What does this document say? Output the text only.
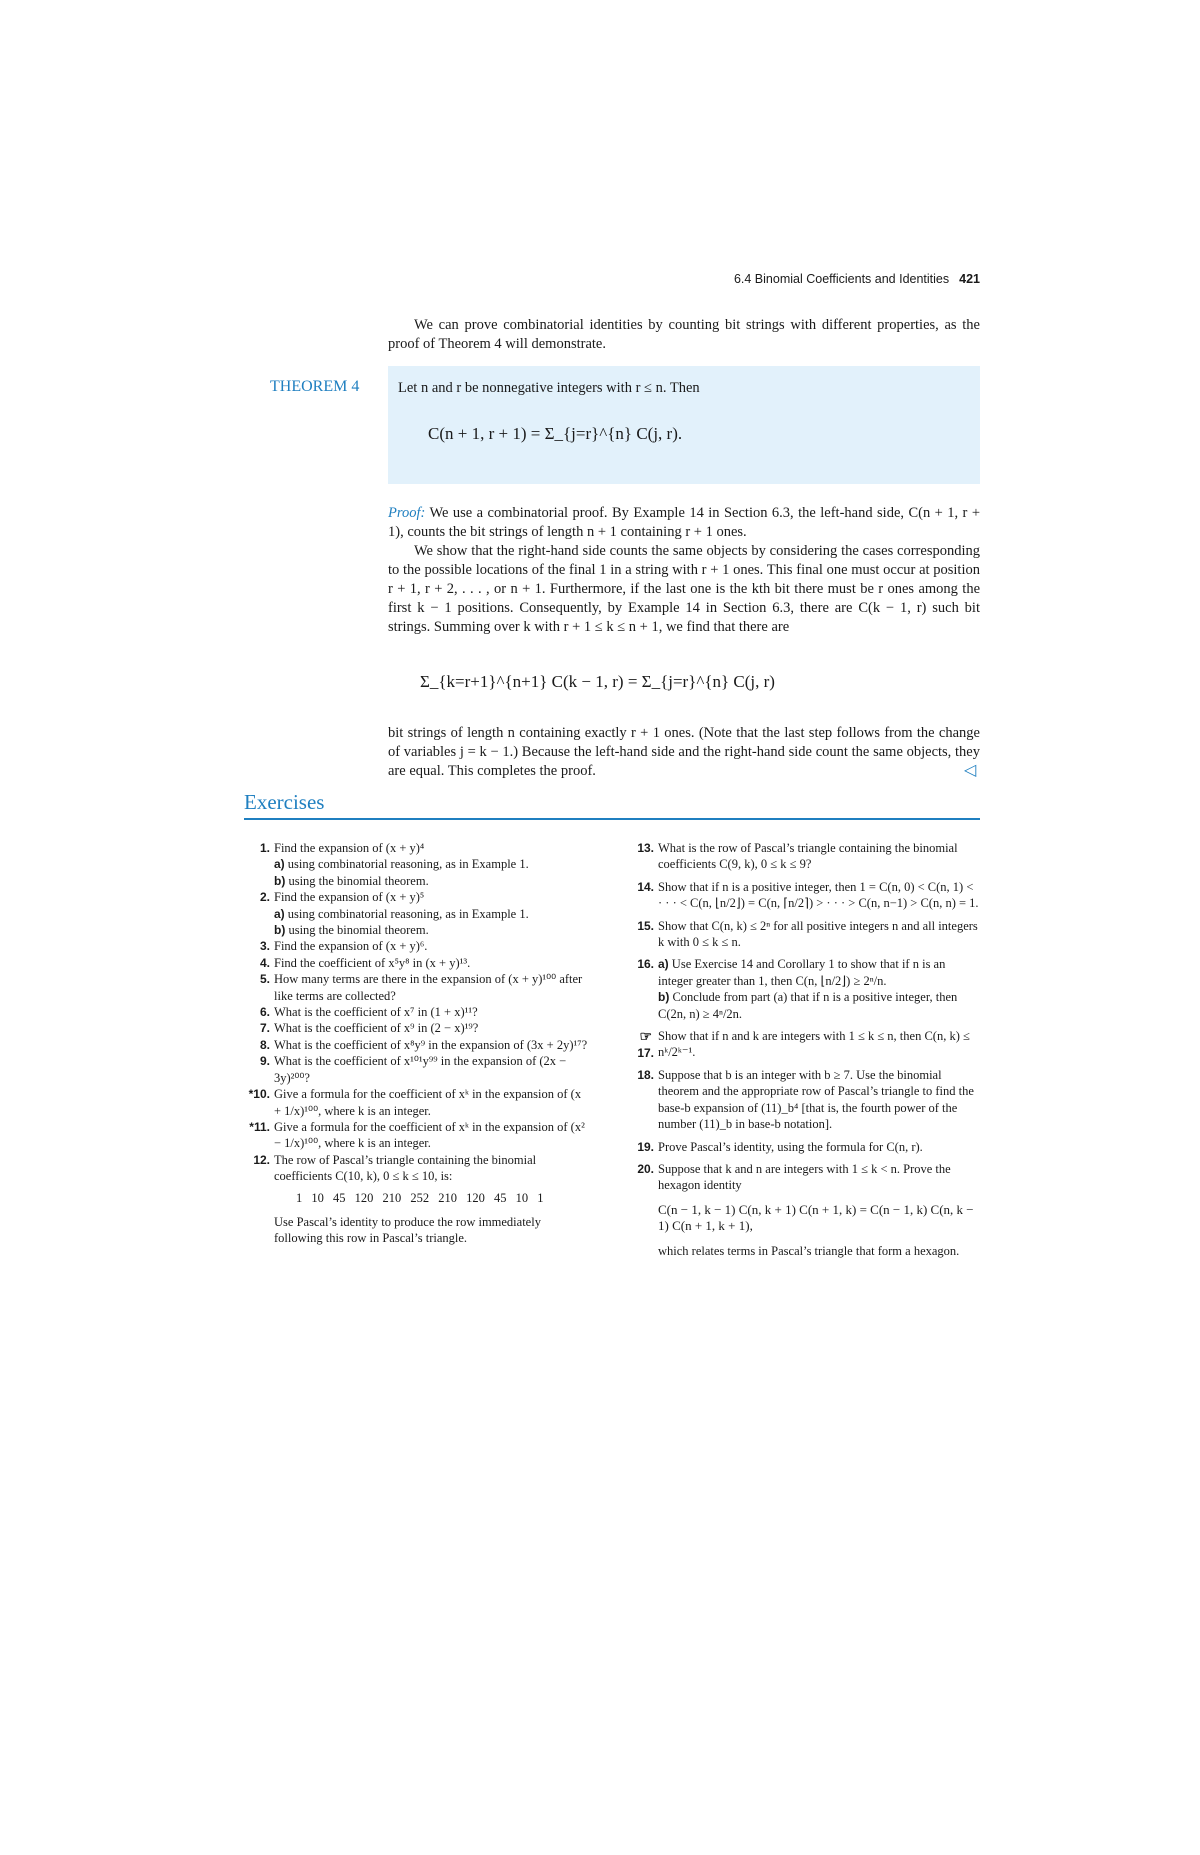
6.4 Binomial Coefficients and Identities 421
We can prove combinatorial identities by counting bit strings with different properties, as the proof of Theorem 4 will demonstrate.
THEOREM 4	Let n and r be nonnegative integers with r ≤ n. Then
C(n + 1, r + 1) = Σ_{j=r}^{n} C(j, r).
Proof: We use a combinatorial proof. By Example 14 in Section 6.3, the left-hand side, C(n + 1, r + 1), counts the bit strings of length n + 1 containing r + 1 ones.
We show that the right-hand side counts the same objects by considering the cases corresponding to the possible locations of the final 1 in a string with r + 1 ones. This final one must occur at position r + 1, r + 2, . . . , or n + 1. Furthermore, if the last one is the kth bit there must be r ones among the first k − 1 positions. Consequently, by Example 14 in Section 6.3, there are C(k − 1, r) such bit strings. Summing over k with r + 1 ≤ k ≤ n + 1, we find that there are
Σ_{k=r+1}^{n+1} C(k − 1, r) = Σ_{j=r}^{n} C(j, r)
bit strings of length n containing exactly r + 1 ones. (Note that the last step follows from the change of variables j = k − 1.) Because the left-hand side and the right-hand side count the same objects, they are equal. This completes the proof.	◁
Exercises
1. Find the expansion of (x + y)⁴
a) using combinatorial reasoning, as in Example 1.
b) using the binomial theorem.
2. Find the expansion of (x + y)⁵
a) using combinatorial reasoning, as in Example 1.
b) using the binomial theorem.
3. Find the expansion of (x + y)⁶.
4. Find the coefficient of x⁵y⁸ in (x + y)¹³.
5. How many terms are there in the expansion of (x + y)¹⁰⁰ after like terms are collected?
6. What is the coefficient of x⁷ in (1 + x)¹¹?
7. What is the coefficient of x⁹ in (2 − x)¹⁹?
8. What is the coefficient of x⁸y⁹ in the expansion of (3x + 2y)¹⁷?
9. What is the coefficient of x¹⁰¹y⁹⁹ in the expansion of (2x − 3y)²⁰⁰?
*10. Give a formula for the coefficient of xᵏ in the expansion of (x + 1/x)¹⁰⁰, where k is an integer.
*11. Give a formula for the coefficient of xᵏ in the expansion of (x² − 1/x)¹⁰⁰, where k is an integer.
12. The row of Pascal’s triangle containing the binomial coefficients C(10, k), 0 ≤ k ≤ 10, is:
1 10 45 120 210 252 210 120 45 10 1
Use Pascal’s identity to produce the row immediately following this row in Pascal’s triangle.
13. What is the row of Pascal’s triangle containing the binomial coefficients C(9, k), 0 ≤ k ≤ 9?
14. Show that if n is a positive integer, then 1 = C(n, 0) < C(n, 1) < · · · < C(n, ⌊n/2⌋) = C(n, ⌈n/2⌉) > · · · > C(n, n−1) > C(n, n) = 1.
15. Show that C(n, k) ≤ 2ⁿ for all positive integers n and all integers k with 0 ≤ k ≤ n.
16. a) Use Exercise 14 and Corollary 1 to show that if n is an integer greater than 1, then C(n, ⌊n/2⌋) ≥ 2ⁿ/n.
b) Conclude from part (a) that if n is a positive integer, then C(2n, n) ≥ 4ⁿ/2n.
☞17.
Show that if n and k are integers with 1 ≤ k ≤ n, then C(n, k) ≤ nᵏ/2ᵏ⁻¹.
18. Suppose that b is an integer with b ≥ 7. Use the binomial theorem and the appropriate row of Pascal’s triangle to find the base-b expansion of (11)_b⁴ [that is, the fourth power of the number (11)_b in base-b notation].
19. Prove Pascal’s identity, using the formula for C(n, r).
20. Suppose that k and n are integers with 1 ≤ k < n. Prove the hexagon identity
C(n − 1, k − 1) C(n, k + 1) C(n + 1, k) = C(n − 1, k) C(n, k − 1) C(n + 1, k + 1),
which relates terms in Pascal’s triangle that form a hexagon.
